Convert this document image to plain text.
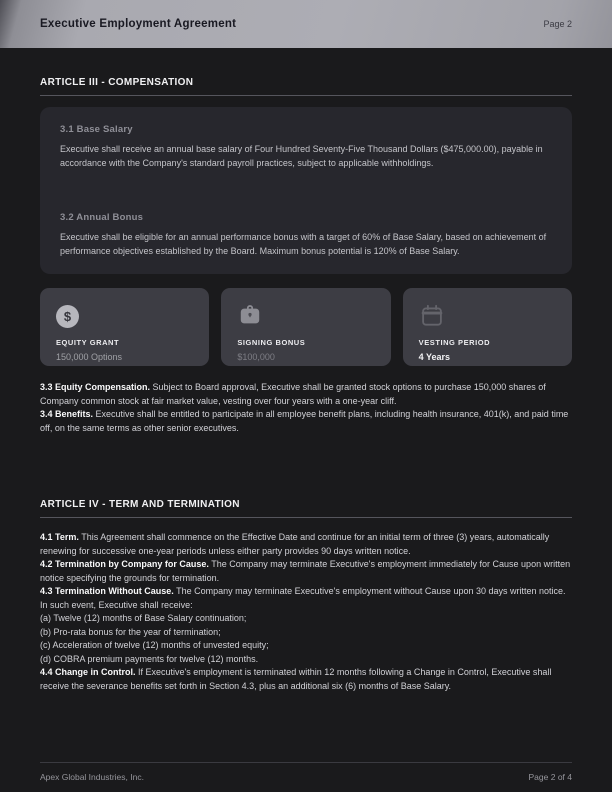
Executive Employment Agreement	Page 2
ARTICLE III - COMPENSATION
3.1 Base Salary
Executive shall receive an annual base salary of Four Hundred Seventy-Five Thousand Dollars ($475,000.00), payable in accordance with the Company's standard payroll practices, subject to applicable withholdings.
3.2 Annual Bonus
Executive shall be eligible for an annual performance bonus with a target of 60% of Base Salary, based on achievement of performance objectives established by the Board. Maximum bonus potential is 120% of Base Salary.
$
EQUITY GRANT
150,000 Options
SIGNING BONUS
$100,000
VESTING PERIOD
4 Years

3.3 Equity Compensation. Subject to Board approval, Executive shall be granted stock options to purchase 150,000 shares of Company common stock at fair market value, vesting over four years with a one-year cliff.

3.4 Benefits. Executive shall be entitled to participate in all employee benefit plans, including health insurance, 401(k), and paid time off, on the same terms as other senior executives.

ARTICLE IV - TERM AND TERMINATION

4.1 Term. This Agreement shall commence on the Effective Date and continue for an initial term of three (3) years, automatically renewing for successive one-year periods unless either party provides 90 days written notice.

4.2 Termination by Company for Cause. The Company may terminate Executive's employment immediately for Cause upon written notice specifying the grounds for termination.

4.3 Termination Without Cause. The Company may terminate Executive's employment without Cause upon 30 days written notice. In such event, Executive shall receive:

(a) Twelve (12) months of Base Salary continuation;
(b) Pro-rata bonus for the year of termination;
(c) Acceleration of twelve (12) months of unvested equity;
(d) COBRA premium payments for twelve (12) months.

4.4 Change in Control. If Executive's employment is terminated within 12 months following a Change in Control, Executive shall receive the severance benefits set forth in Section 4.3, plus an additional six (6) months of Base Salary.

Apex Global Industries, Inc.	Page 2 of 4
